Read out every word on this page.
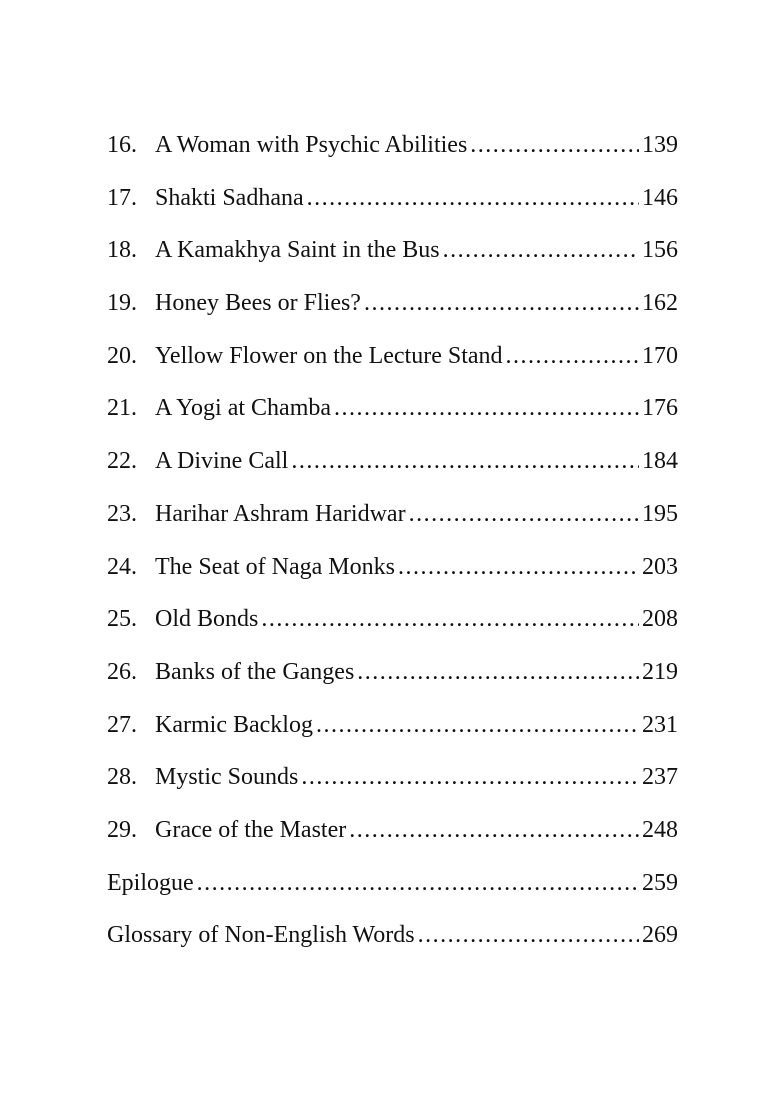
16. A Woman with Psychic Abilities .....	139
17. Shakti Sadhana .....	146
18. A Kamakhya Saint in the Bus .....	156
19. Honey Bees or Flies? .....	162
20. Yellow Flower on the Lecture Stand .....	170
21. A Yogi at Chamba .....	176
22. A Divine Call .....	184
23. Harihar Ashram Haridwar .....	195
24. The Seat of Naga Monks .....	203
25. Old Bonds .....	208
26. Banks of the Ganges .....	219
27. Karmic Backlog .....	231
28. Mystic Sounds .....	237
29. Grace of the Master .....	248
Epilogue .....	259
Glossary of Non-English Words .....	269
